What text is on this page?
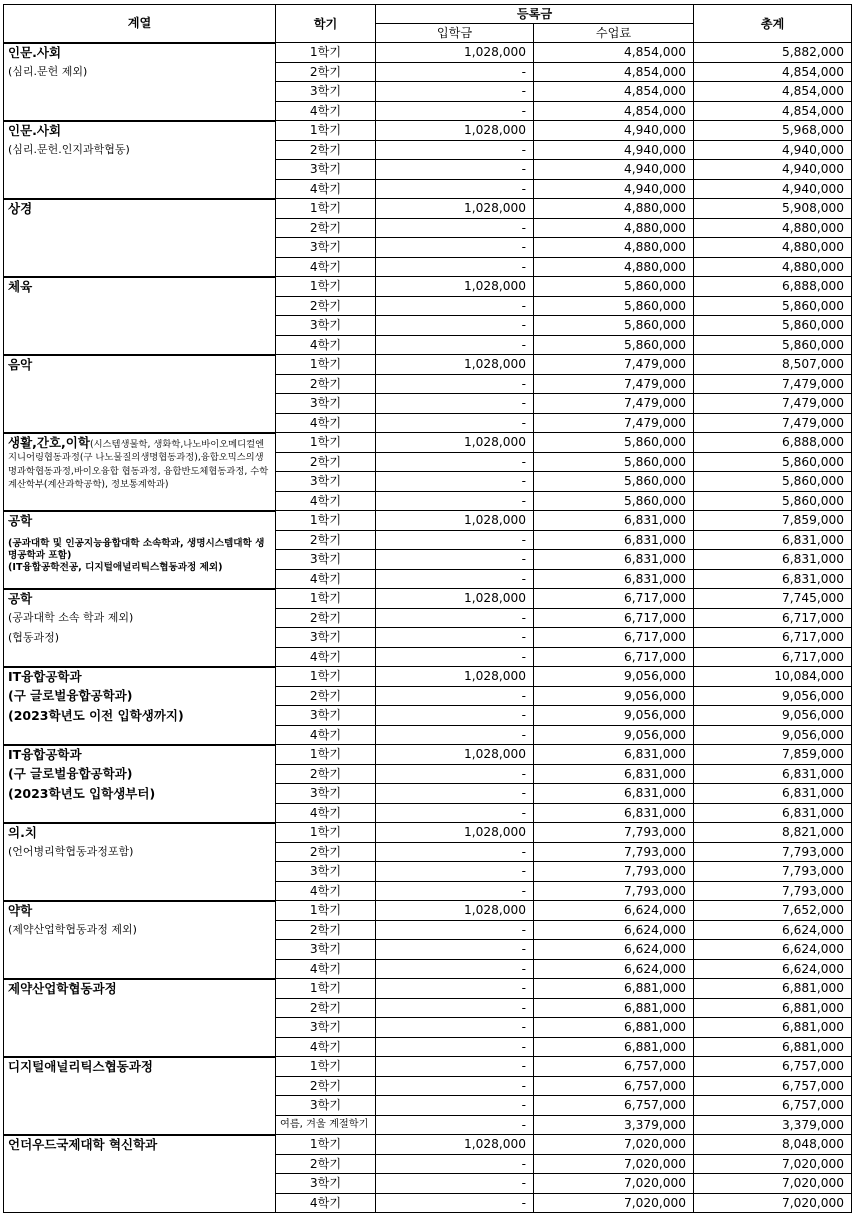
계열	학기	등록금		총계
		입학금	수업료	

인문.사회
(심리.문헌 제외)	1학기	1,028,000	4,854,000	5,882,000
	2학기	-	4,854,000	4,854,000
	3학기	-	4,854,000	4,854,000
	4학기	-	4,854,000	4,854,000

인문.사회
(심리.문헌.인지과학협동)	1학기	1,028,000	4,940,000	5,968,000
	2학기	-	4,940,000	4,940,000
	3학기	-	4,940,000	4,940,000
	4학기	-	4,940,000	4,940,000

상경	1학기	1,028,000	4,880,000	5,908,000
	2학기	-	4,880,000	4,880,000
	3학기	-	4,880,000	4,880,000
	4학기	-	4,880,000	4,880,000

체육	1학기	1,028,000	5,860,000	6,888,000
	2학기	-	5,860,000	5,860,000
	3학기	-	5,860,000	5,860,000
	4학기	-	5,860,000	5,860,000

음악	1학기	1,028,000	7,479,000	8,507,000
	2학기	-	7,479,000	7,479,000
	3학기	-	7,479,000	7,479,000
	4학기	-	7,479,000	7,479,000

생활,간호,이학(시스템생물학, 생화학,나노바이오메디컬엔지니어링협동과정(구 나노물질의생명협동과정),융합오믹스의생명과학협동과정,바이오융합 협동과정, 융합반도체협동과정, 수학계산학부(계산과학공학), 정보통계학과)	1학기	1,028,000	5,860,000	6,888,000
	2학기	-	5,860,000	5,860,000
	3학기	-	5,860,000	5,860,000
	4학기	-	5,860,000	5,860,000

공학
(공과대학 및 인공지능융합대학 소속학과, 생명시스템대학 생명공학과 포함)
(IT융합공학전공, 디지털애널리틱스협동과정 제외)	1학기	1,028,000	6,831,000	7,859,000
	2학기	-	6,831,000	6,831,000
	3학기	-	6,831,000	6,831,000
	4학기	-	6,831,000	6,831,000

공학
(공과대학 소속 학과 제외)
(협동과정)	1학기	1,028,000	6,717,000	7,745,000
	2학기	-	6,717,000	6,717,000
	3학기	-	6,717,000	6,717,000
	4학기	-	6,717,000	6,717,000

IT융합공학과
(구 글로벌융합공학과)
(2023학년도 이전 입학생까지)	1학기	1,028,000	9,056,000	10,084,000
	2학기	-	9,056,000	9,056,000
	3학기	-	9,056,000	9,056,000
	4학기	-	9,056,000	9,056,000

IT융합공학과
(구 글로벌융합공학과)
(2023학년도 입학생부터)	1학기	1,028,000	6,831,000	7,859,000
	2학기	-	6,831,000	6,831,000
	3학기	-	6,831,000	6,831,000
	4학기	-	6,831,000	6,831,000

의.치
(언어병리학협동과정포함)	1학기	1,028,000	7,793,000	8,821,000
	2학기	-	7,793,000	7,793,000
	3학기	-	7,793,000	7,793,000
	4학기	-	7,793,000	7,793,000

약학
(제약산업학협동과정 제외)	1학기	1,028,000	6,624,000	7,652,000
	2학기	-	6,624,000	6,624,000
	3학기	-	6,624,000	6,624,000
	4학기	-	6,624,000	6,624,000

제약산업학협동과정	1학기	-	6,881,000	6,881,000
	2학기	-	6,881,000	6,881,000
	3학기	-	6,881,000	6,881,000
	4학기	-	6,881,000	6,881,000

디지털애널리틱스협동과정	1학기	-	6,757,000	6,757,000
	2학기	-	6,757,000	6,757,000
	3학기	-	6,757,000	6,757,000
	여름, 겨울 계절학기	-	3,379,000	3,379,000

언더우드국제대학 혁신학과	1학기	1,028,000	7,020,000	8,048,000
	2학기	-	7,020,000	7,020,000
	3학기	-	7,020,000	7,020,000
	4학기	-	7,020,000	7,020,000
